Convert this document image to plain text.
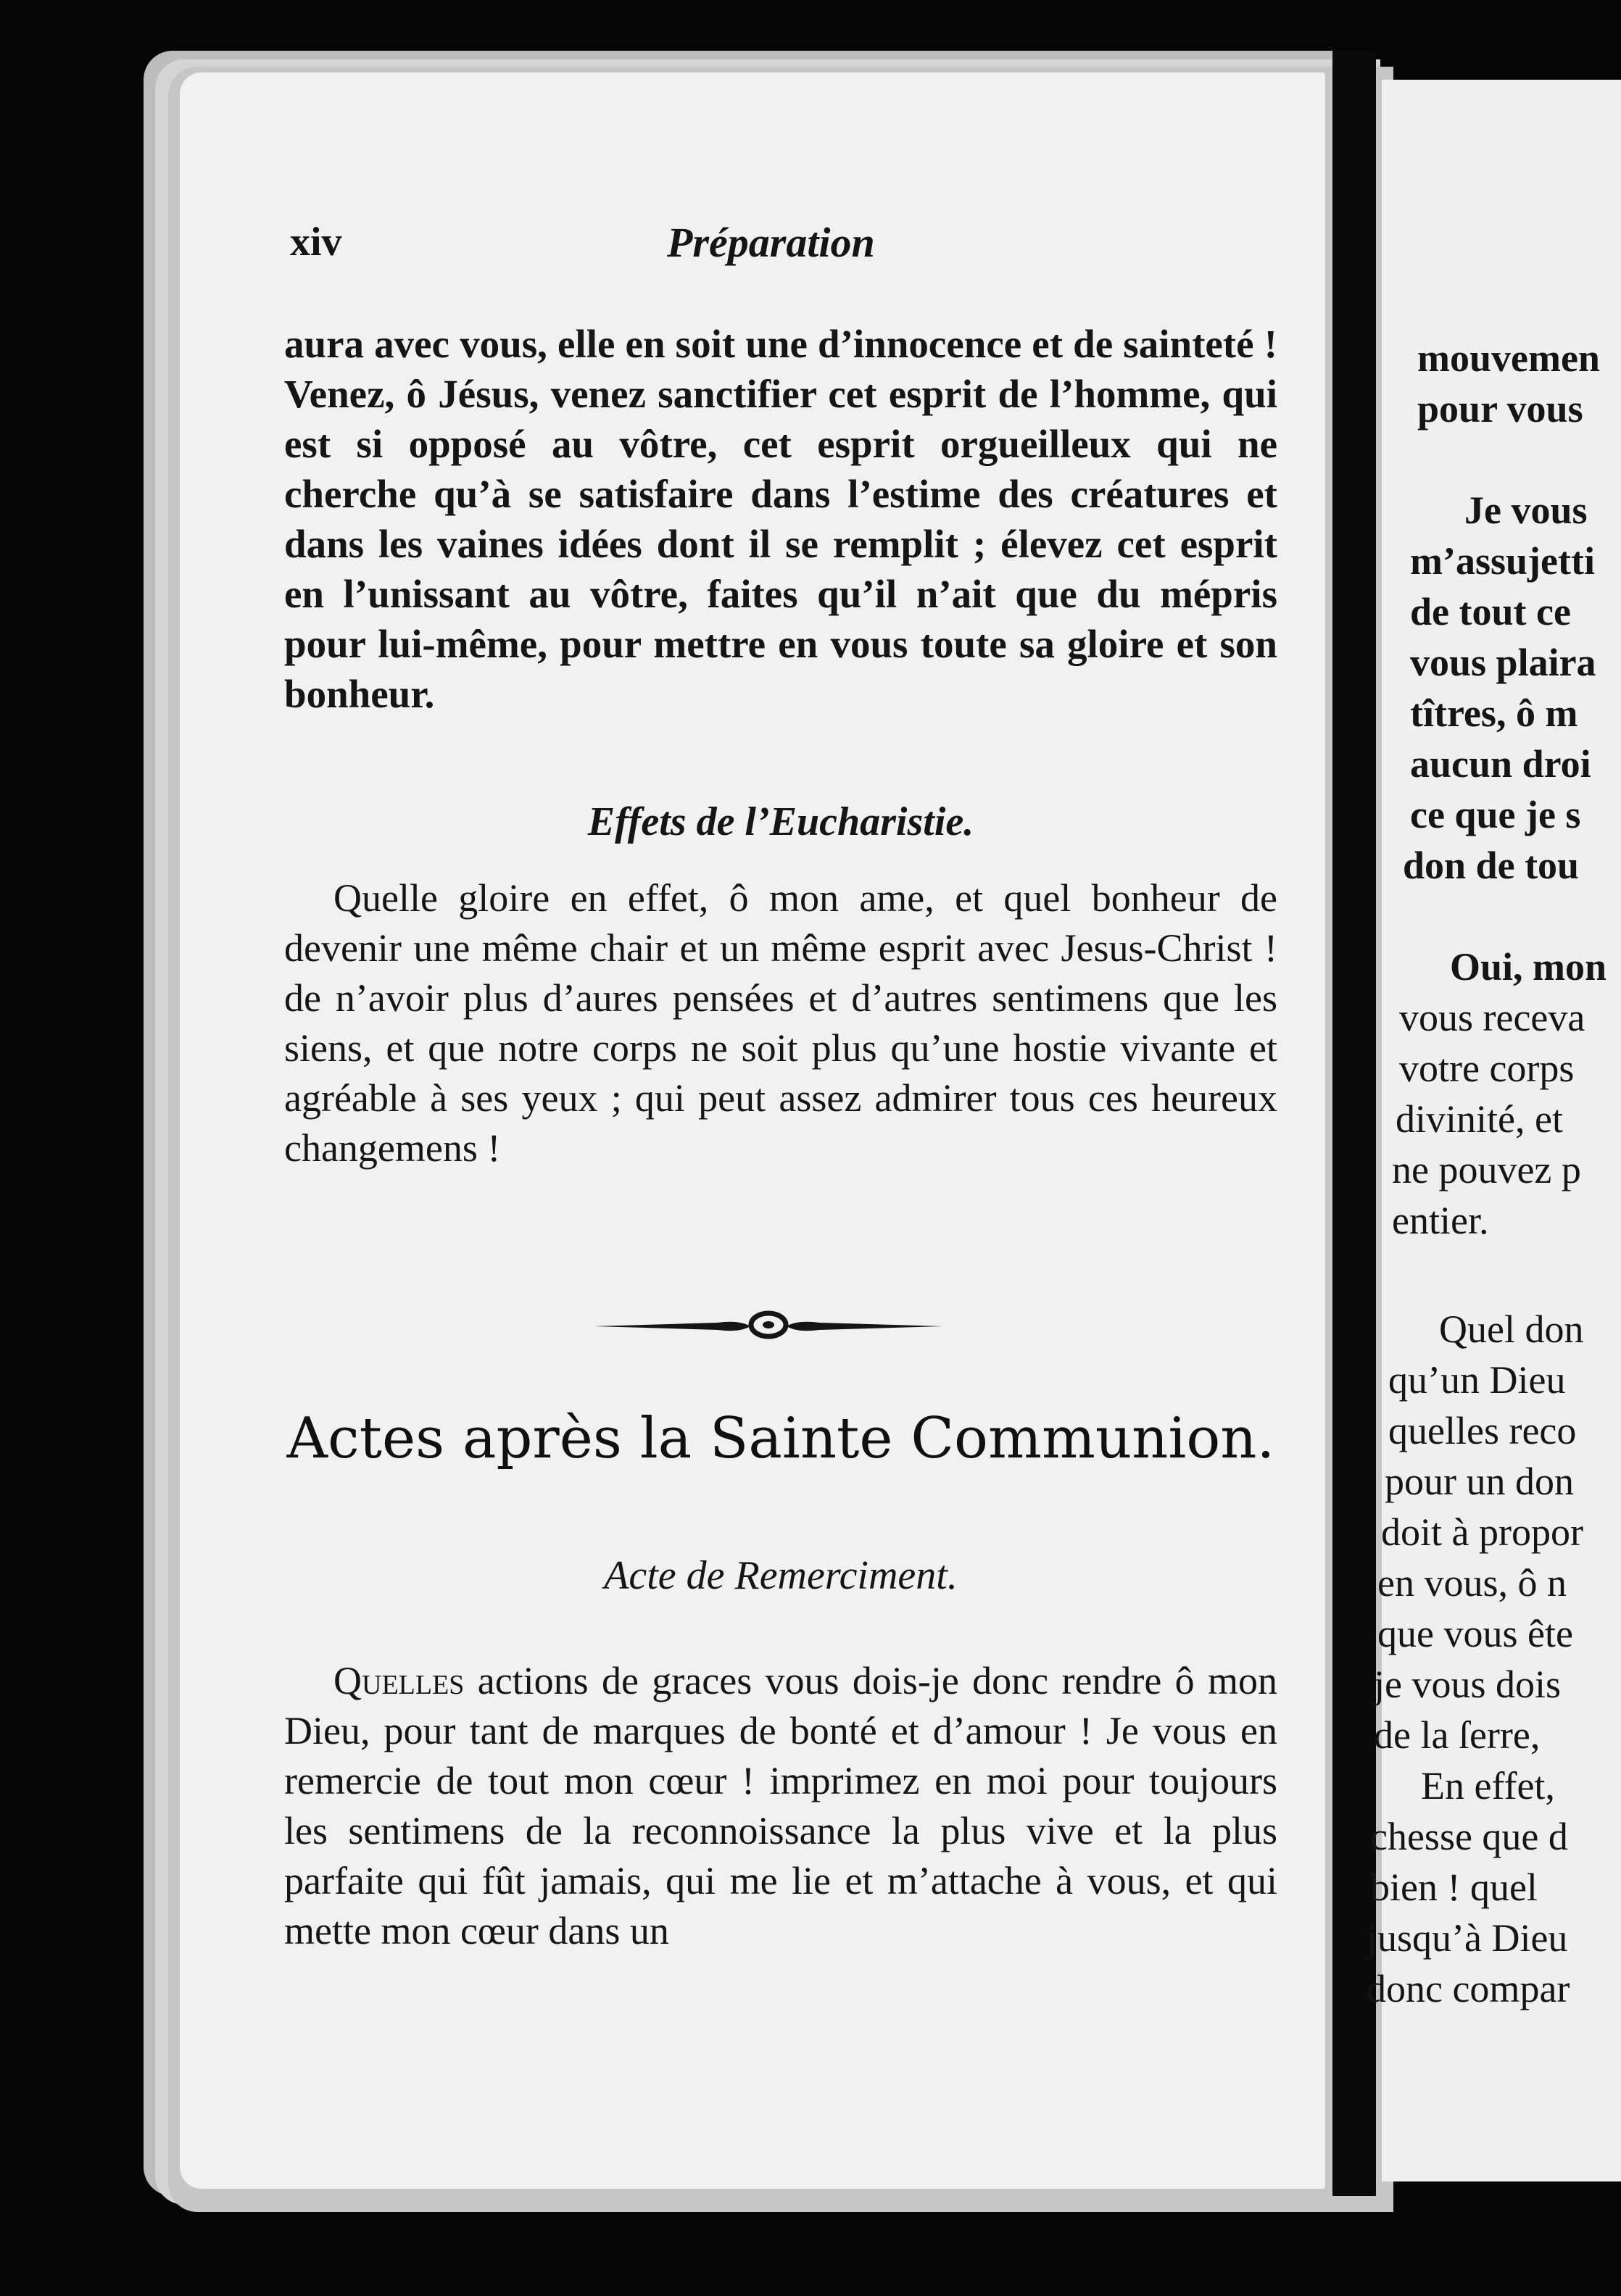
xiv	Préparation

aura avec vous, elle en soit une d’innocence et de sainteté ! Venez, ô Jésus, venez sanctifier cet esprit de l’homme, qui est si opposé au vôtre, cet esprit orgueilleux qui ne cherche qu’à se satisfaire dans l’estime des créatures et dans les vaines idées dont il se remplit ; élevez cet esprit en l’unissant au vôtre, faites qu’il n’ait que du mépris pour lui-même, pour mettre en vous toute sa gloire et son bonheur.

Effets de l’Eucharistie.

Quelle gloire en effet, ô mon ame, et quel bonheur de devenir une même chair et un même esprit avec Jesus-Christ ! de n’avoir plus d’aures pensées et d’autres sentimens que les siens, et que notre corps ne soit plus qu’une hostie vivante et agréable à ses yeux ; qui peut assez admirer tous ces heureux changemens !

Actes après la Sainte Communion.
Acte de Remerciment.

Quelles actions de graces vous dois-je donc rendre ô mon Dieu, pour tant de marques de bonté et d’amour ! Je vous en remercie de tout mon cœur ! imprimez en moi pour toujours les sentimens de la reconnoissance la plus vive et la plus parfaite qui fût jamais, qui me lie et m’attache à vous, et qui mette mon cœur dans un

mouvemen
pour vous
Je vous
m’assujetti
de tout ce
vous plaira
tîtres, ô m
aucun droi
ce que je s
don de tou
Oui, mon
vous receva
votre corps
divinité, et
ne pouvez p
entier.
Quel don
qu’un Dieu
quelles reco
pour un don
doit à propor
en vous, ô n
que vous ête
je vous dois
de la ſerre,
En effet,
chesse que d
bien ! quel
jusqu’à Dieu
donc compar
